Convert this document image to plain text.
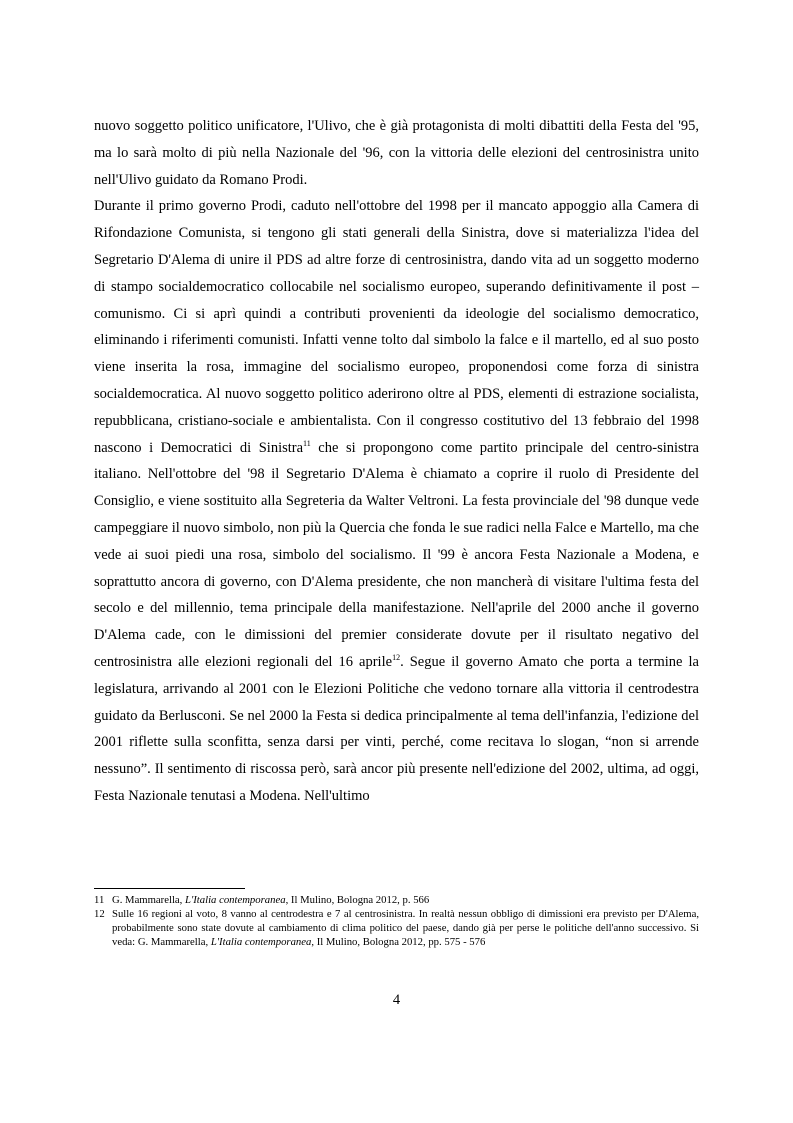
nuovo soggetto politico unificatore, l'Ulivo, che è già protagonista di molti dibattiti della Festa del '95, ma lo sarà molto di più nella Nazionale del '96, con la vittoria delle elezioni del centrosinistra unito nell'Ulivo guidato da Romano Prodi.

Durante il primo governo Prodi, caduto nell'ottobre del 1998 per il mancato appoggio alla Camera di Rifondazione Comunista, si tengono gli stati generali della Sinistra, dove si materializza l'idea del Segretario D'Alema di unire il PDS ad altre forze di centrosinistra, dando vita ad un soggetto moderno di stampo socialdemocratico collocabile nel socialismo europeo, superando definitivamente il post – comunismo. Ci si aprì quindi a contributi provenienti da ideologie del socialismo democratico, eliminando i riferimenti comunisti. Infatti venne tolto dal simbolo la falce e il martello, ed al suo posto viene inserita la rosa, immagine del socialismo europeo, proponendosi come forza di sinistra socialdemocratica. Al nuovo soggetto politico aderirono oltre al PDS, elementi di estrazione socialista, repubblicana, cristiano-sociale e ambientalista. Con il congresso costitutivo del 13 febbraio del 1998 nascono i Democratici di Sinistra$^{11}$ che si propongono come partito principale del centro-sinistra italiano. Nell'ottobre del '98 il Segretario D'Alema è chiamato a coprire il ruolo di Presidente del Consiglio, e viene sostituito alla Segreteria da Walter Veltroni. La festa provinciale del '98 dunque vede campeggiare il nuovo simbolo, non più la Quercia che fonda le sue radici nella Falce e Martello, ma che vede ai suoi piedi una rosa, simbolo del socialismo. Il '99 è ancora Festa Nazionale a Modena, e soprattutto ancora di governo, con D'Alema presidente, che non mancherà di visitare l'ultima festa del secolo e del millennio, tema principale della manifestazione. Nell'aprile del 2000 anche il governo D'Alema cade, con le dimissioni del premier considerate dovute per il risultato negativo del centrosinistra alle elezioni regionali del 16 aprile$^{12}$. Segue il governo Amato che porta a termine la legislatura, arrivando al 2001 con le Elezioni Politiche che vedono tornare alla vittoria il centrodestra guidato da Berlusconi. Se nel 2000 la Festa si dedica principalmente al tema dell'infanzia, l'edizione del 2001 riflette sulla sconfitta, senza darsi per vinti, perché, come recitava lo slogan, “non si arrende nessuno”. Il sentimento di riscossa però, sarà ancor più presente nell'edizione del 2002, ultima, ad oggi, Festa Nazionale tenutasi a Modena. Nell'ultimo

11 G. Mammarella, L'Italia contemporanea, Il Mulino, Bologna 2012, p. 566
12 Sulle 16 regioni al voto, 8 vanno al centrodestra e 7 al centrosinistra. In realtà nessun obbligo di dimissioni era previsto per D'Alema, probabilmente sono state dovute al cambiamento di clima politico del paese, dando già per perse le politiche dell'anno successivo. Si veda: G. Mammarella, L'Italia contemporanea, Il Mulino, Bologna 2012, pp. 575 - 576
4
